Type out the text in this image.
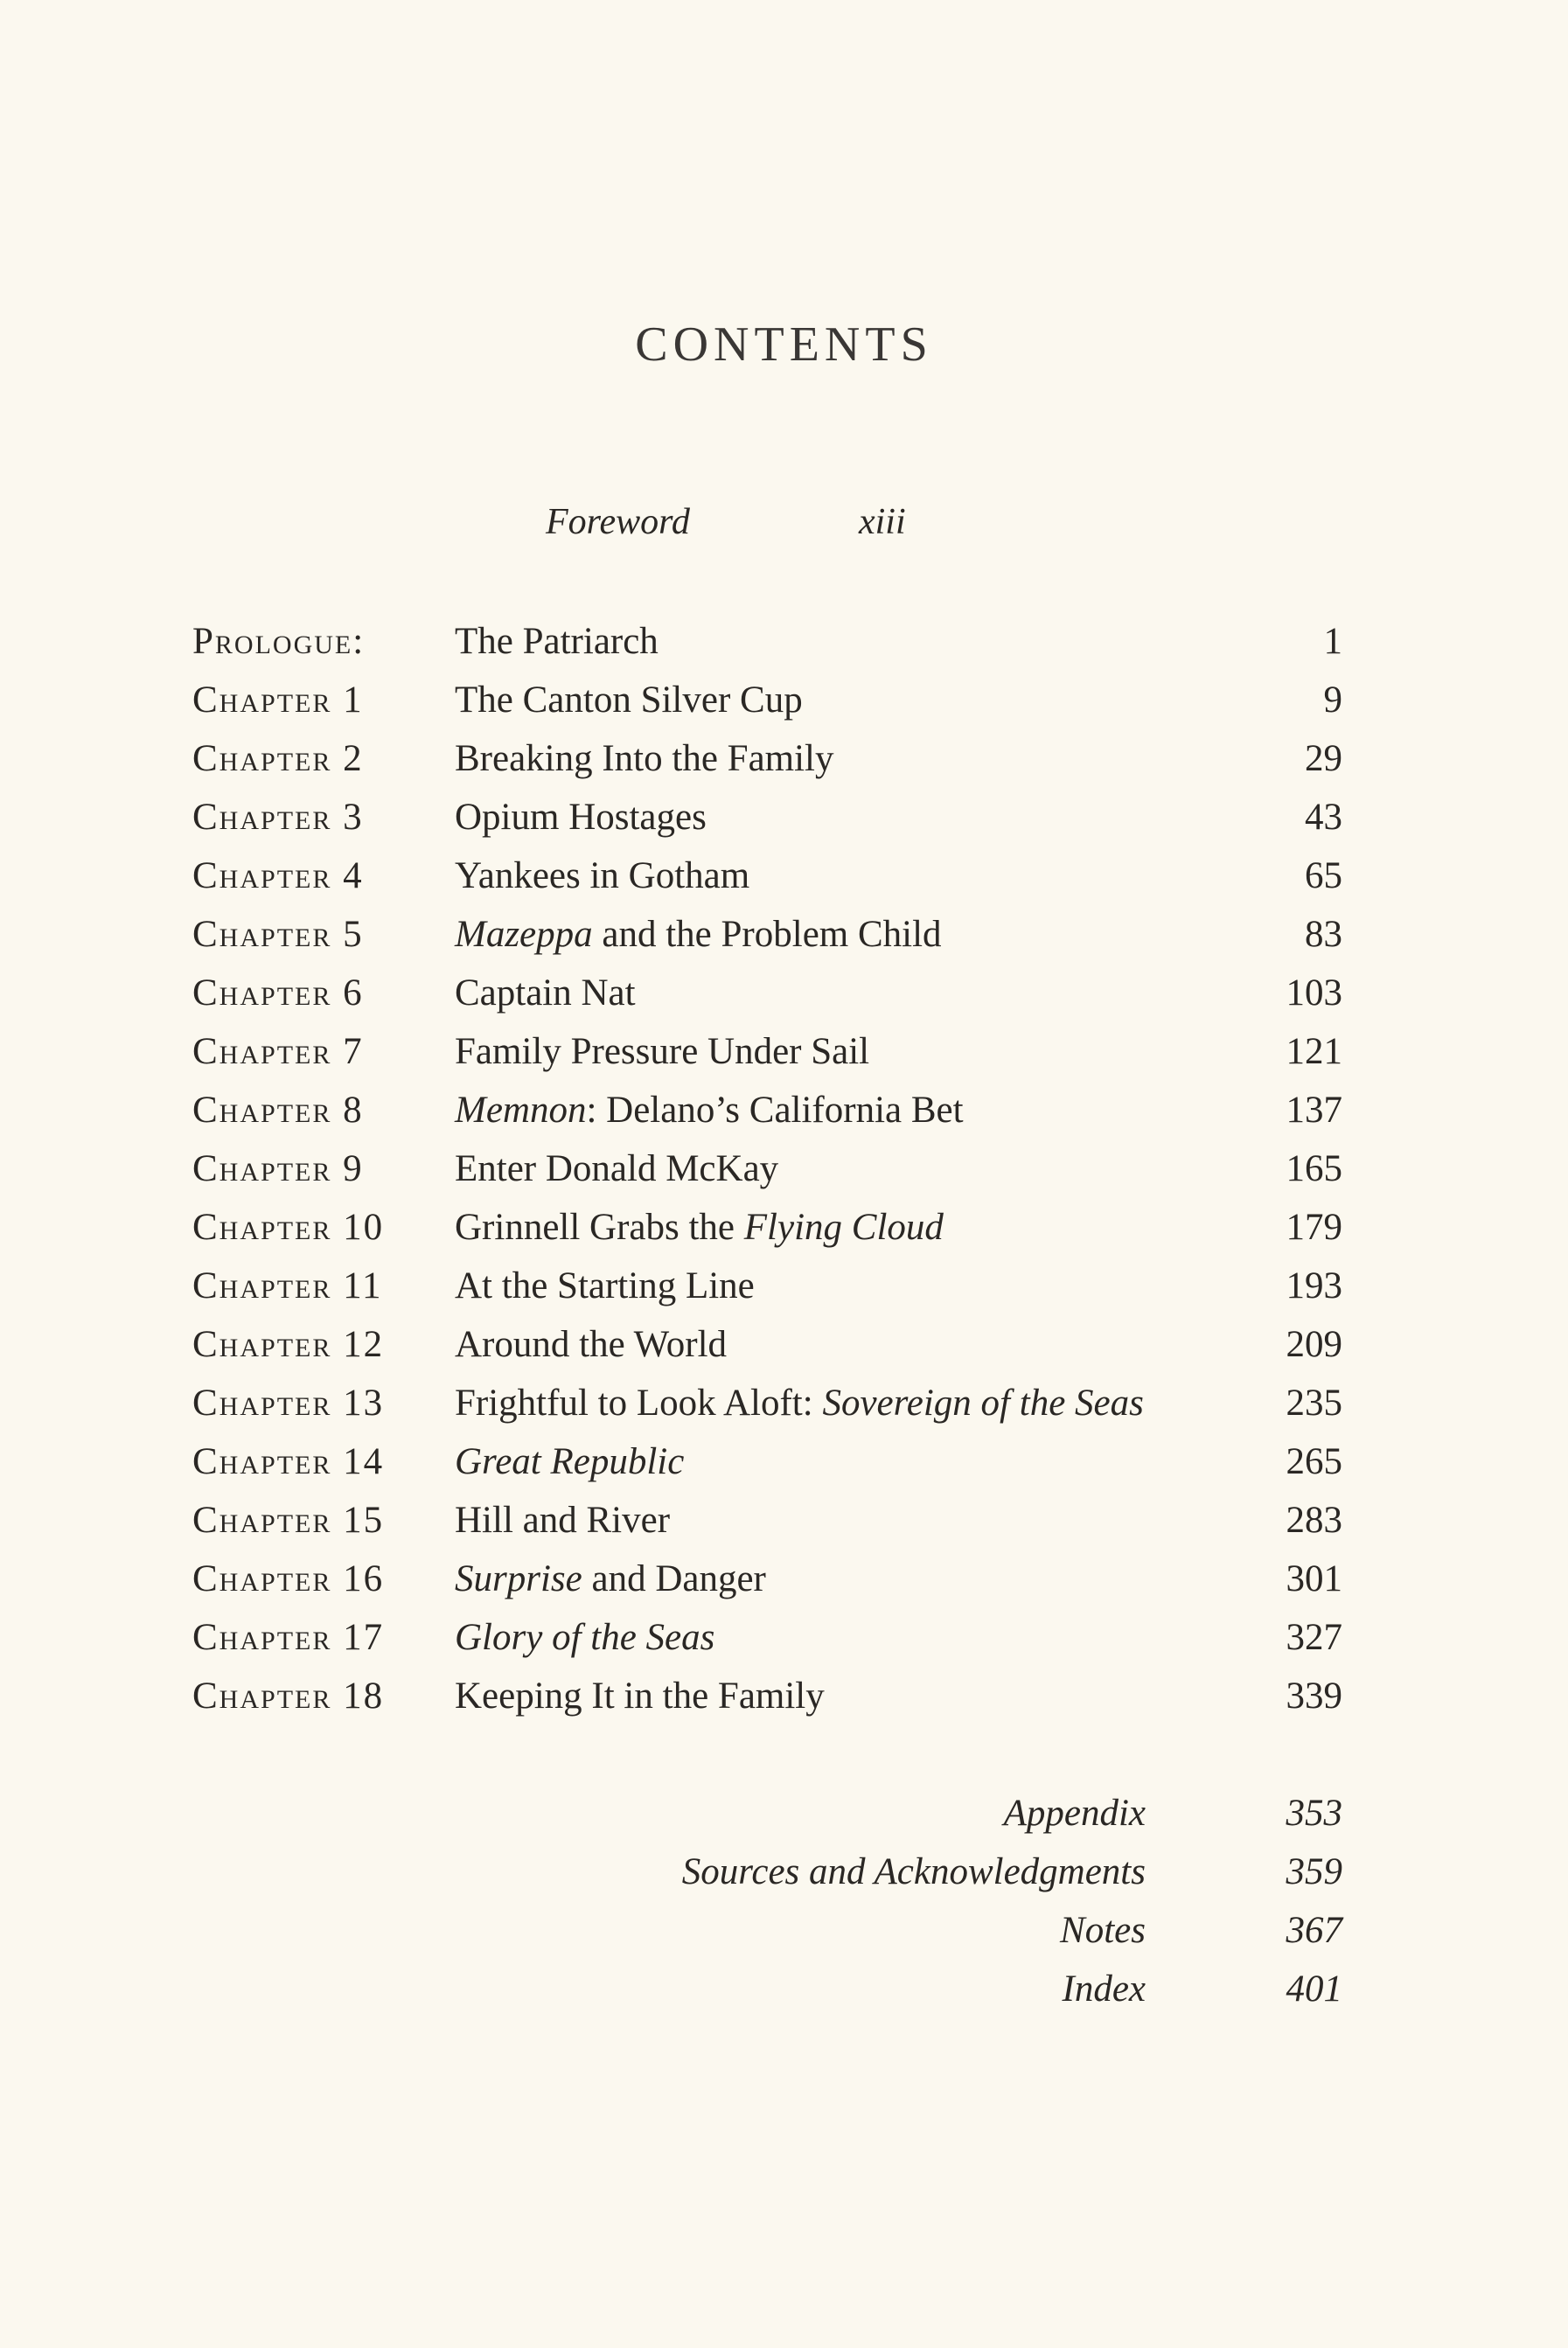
CONTENTS
Foreword	xiii
Prologue: The Patriarch	1
Chapter 1 The Canton Silver Cup	9
Chapter 2 Breaking Into the Family	29
Chapter 3 Opium Hostages	43
Chapter 4 Yankees in Gotham	65
Chapter 5 Mazeppa and the Problem Child	83
Chapter 6 Captain Nat	103
Chapter 7 Family Pressure Under Sail	121
Chapter 8 Memnon: Delano’s California Bet	137
Chapter 9 Enter Donald McKay	165
Chapter 10 Grinnell Grabs the Flying Cloud	179
Chapter 11 At the Starting Line	193
Chapter 12 Around the World	209
Chapter 13 Frightful to Look Aloft: Sovereign of the Seas	235
Chapter 14 Great Republic	265
Chapter 15 Hill and River	283
Chapter 16 Surprise and Danger	301
Chapter 17 Glory of the Seas	327
Chapter 18 Keeping It in the Family	339
Appendix	353
Sources and Acknowledgments	359
Notes	367
Index	401
